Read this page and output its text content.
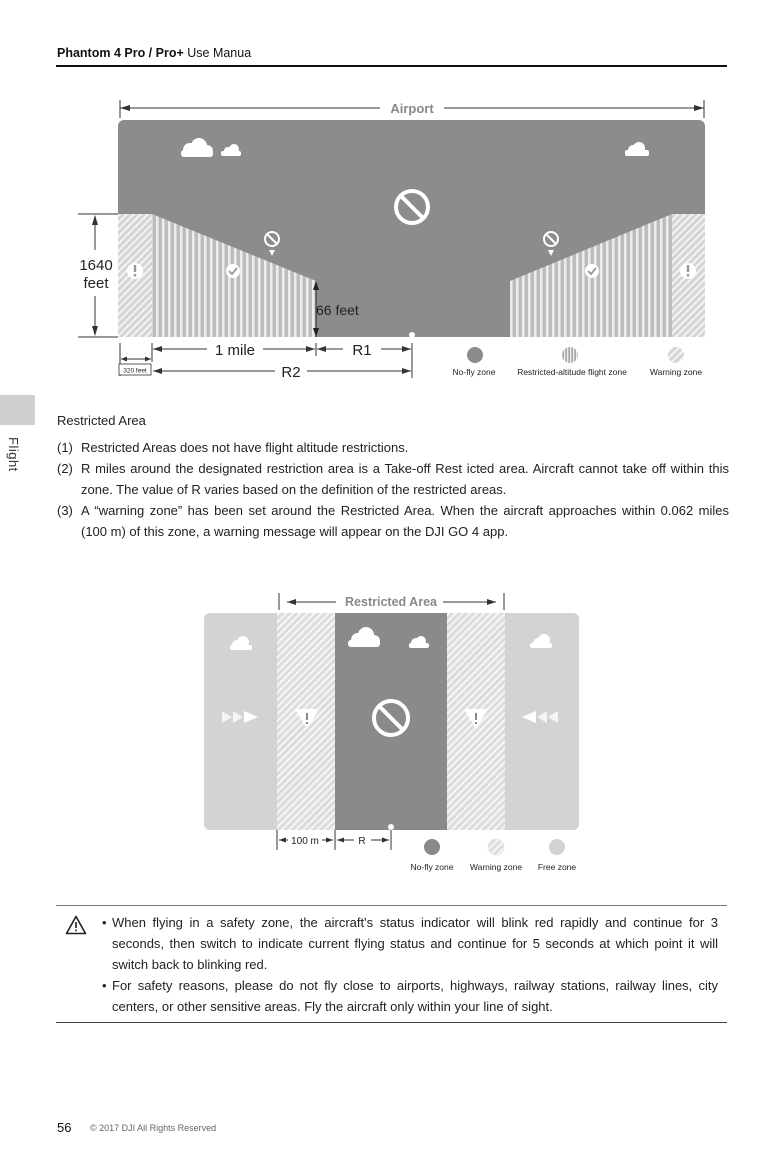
Phantom 4 Pro / Pro+ Use Manua
Flight
Airport
1640
feet
66 feet
1 mile	R1
R2
320 feet	No-fly zone	Restricted-altitude flight zone	Warning zone
Restricted Area
(1) Restricted Areas does not have flight altitude restrictions.
(2) R miles around the designated restriction area is a Take-off Rest icted area. Aircraft cannot take off within this zone. The value of R varies based on the definition of the restricted areas.
(3) A “warning zone” has been set around the Restricted Area. When the aircraft approaches within 0.062 miles (100 m) of this zone, a warning message will appear on the DJI GO 4 app.
Restricted Area
100 m	R
No-fly zone Warning zone Free zone
• When flying in a safety zone, the aircraft's status indicator will blink red rapidly and continue for 3 seconds, then switch to indicate current flying status and continue for 5 seconds at which point it will switch back to blinking red.
• For safety reasons, please do not fly close to airports, highways, railway stations, railway lines, city centers, or other sensitive areas. Fly the aircraft only within your line of sight.
56 © 2017 DJI All Rights Reserved
